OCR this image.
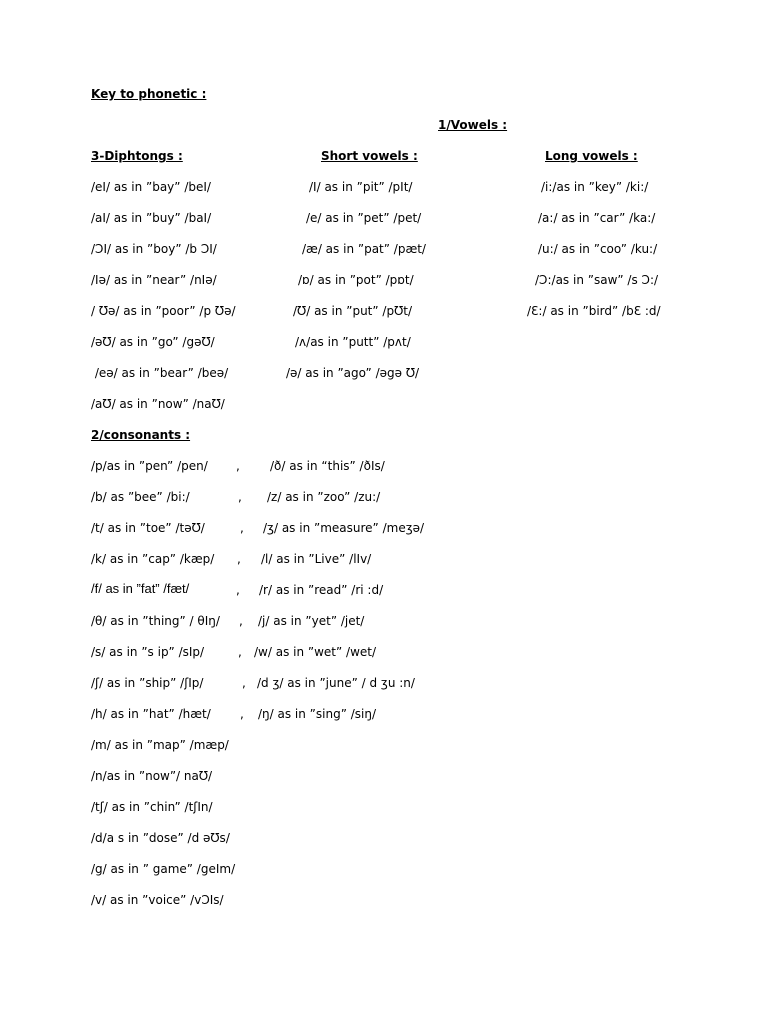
Key to phonetic :
1/Vowels :
3-Diphtongs :	Short vowels :	Long vowels :
/eI/ as in ”bay” /beI/
/aI/ as in ”buy” /baI/
/ƆI/ as in ”boy” /b ƆI/
/Iə/ as in ”near” /nIə/
/ Ʊə/ as in ”poor” /p Ʊə/
/əƱ/ as in ”go” /gəƱ/
/eə/ as in ”bear” /beə/
/aƱ/ as in ”now” /naƱ/
/I/ as in ”pit” /pIt/
/e/ as in ”pet” /pet/
/æ/ as in ”pat” /pæt/
/ɒ/ as in ”pot” /pɒt/
/Ʊ/ as in ”put” /pƱt/
/ʌ/as in ”putt” /pʌt/
/ə/ as in ”ago” /əgə Ʊ/
/i:/as in ”key” /ki:/
/a:/ as in ”car” /ka:/
/u:/ as in ”coo” /ku:/
/Ɔ:/as in ”saw” /s Ɔ:/
/Ɛ:/ as in ”bird” /bƐ :d/
2/consonants :
/p/as in ”pen” /pen/
/b/ as ”bee” /bi:/
/t/ as in ”toe” /təƱ/
/k/ as in ”cap” /kæp/
/f/ as in ”fat” /fæt/
/θ/ as in ”thing” / θIŋ/
/s/ as in ”s ip” /sIp/
/ʃ/ as in ”ship” /ʃIp/
/h/ as in ”hat” /hæt/
/m/ as in ”map” /mæp/
/n/as in ”now”/ naƱ/
/tʃ/ as in ”chin” /tʃIn/
/d/a s in ”dose” /d əƱs/
/g/ as in ” game” /geIm/
/v/ as in ”voice” /vƆIs/
,
,
,
,
,
,
,
,
,
/ð/ as in “this” /ðIs/
/z/ as in ”zoo” /zu:/
/ʒ/ as in ”measure” /meʒə/
/l/ as in ”Live” /lIv/
/r/ as in ”read” /ri :d/
/j/ as in ”yet” /jet/
/w/ as in ”wet” /wet/
/d ʒ/ as in ”june” / d ʒu :n/
/ŋ/ as in ”sing” /siŋ/
